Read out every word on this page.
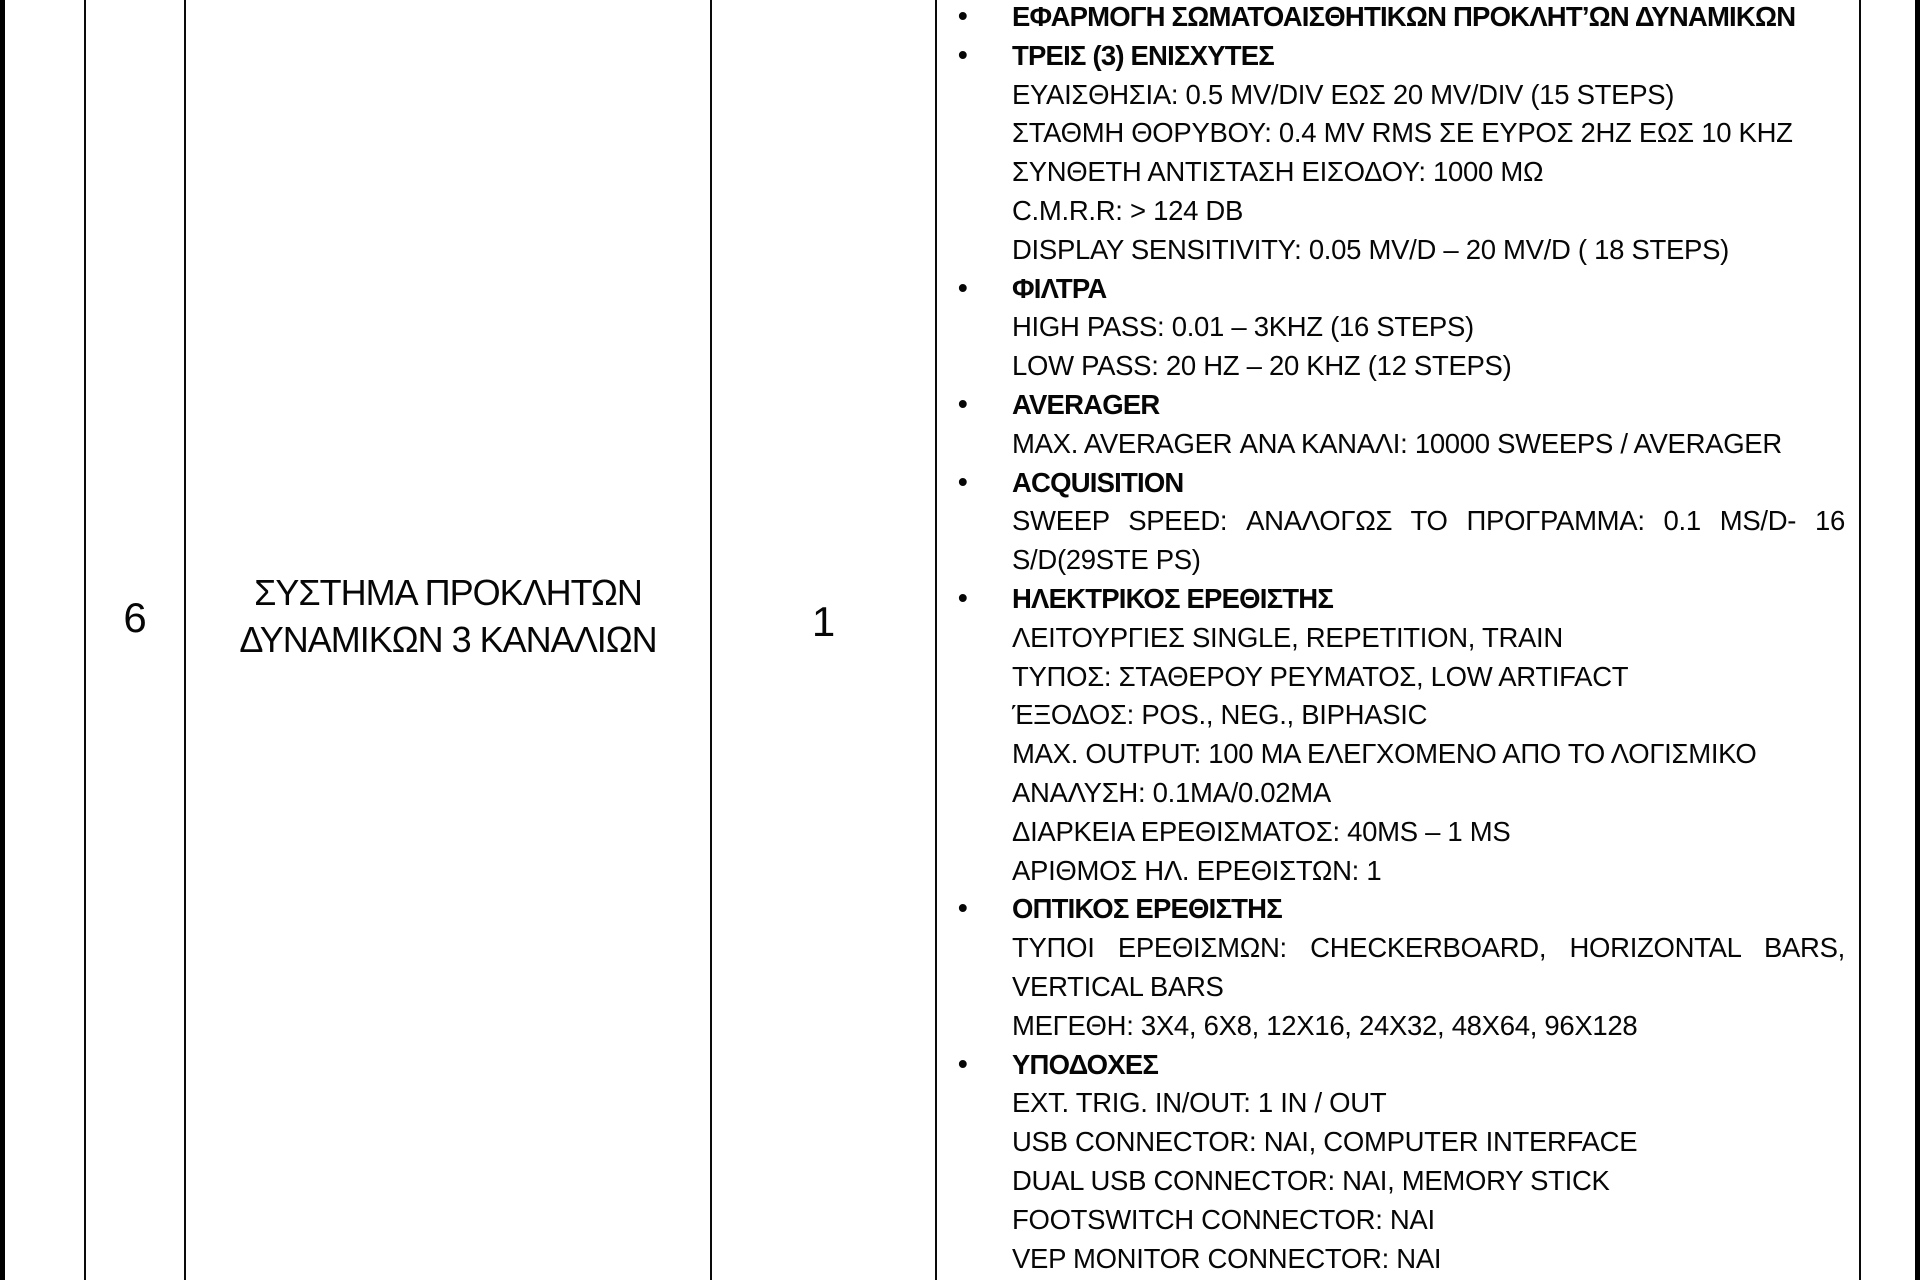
6
ΣΥΣΤΗΜΑ ΠΡΟΚΛΗΤΩΝ
ΔΥΝΑΜΙΚΩΝ 3 ΚΑΝΑΛΙΩΝ	1
• ΕΦΑΡΜΟΓΗ ΣΩΜΑΤΟΑΙΣΘΗΤΙΚΩΝ ΠΡΟΚΛΗΤ’ΩΝ ΔΥΝΑΜΙΚΩΝ
• ΤΡΕΙΣ (3) ΕΝΙΣΧΥΤΕΣ
ΕΥΑΙΣΘΗΣΙΑ: 0.5 MV/DIV ΕΩΣ 20 MV/DIV (15 STEPS)
ΣΤΑΘΜΗ ΘΟΡΥΒΟΥ: 0.4 MV RMS ΣΕ ΕΥΡΟΣ 2HZ ΕΩΣ 10 KHZ
ΣΥΝΘΕΤΗ ΑΝΤΙΣΤΑΣΗ ΕΙΣΟΔΟΥ: 1000 ΜΩ
C.M.R.R: > 124 DB
DISPLAY SENSITIVITY: 0.05 MV/D – 20 MV/D ( 18 STEPS)
• ΦΙΛΤΡΑ
HIGH PASS: 0.01 – 3KHZ (16 STEPS)
LOW PASS: 20 HZ – 20 KHZ (12 STEPS)
• AVERAGER
MAX. AVERAGER ΑΝΑ ΚΑΝΑΛΙ: 10000 SWEEPS / AVERAGER
• ACQUISITION
SWEEP SPEED: ΑΝΑΛΟΓΩΣ ΤΟ ΠΡΟΓΡΑΜΜΑ: 0.1 MS/D- 16
S/D(29STE PS)
• ΗΛΕΚΤΡΙΚΟΣ ΕΡΕΘΙΣΤΗΣ
ΛΕΙΤΟΥΡΓΙΕΣ SINGLE, REPETITION, TRAIN
ΤΥΠΟΣ: ΣΤΑΘΕΡΟΥ ΡΕΥΜΑΤΟΣ, LOW ARTIFACT
ΈΞΟΔΟΣ: POS., NEG., BIPHASIC
MAX. OUTPUT: 100 MA ΕΛΕΓΧΟΜΕΝΟ ΑΠΟ ΤΟ ΛΟΓΙΣΜΙΚΟ
ΑΝΑΛΥΣΗ: 0.1ΜΑ/0.02ΜΑ
ΔΙΑΡΚΕΙΑ ΕΡΕΘΙΣΜΑΤΟΣ: 40MS – 1 MS
ΑΡΙΘΜΟΣ ΗΛ. ΕΡΕΘΙΣΤΩΝ: 1
• ΟΠΤΙΚΟΣ ΕΡΕΘΙΣΤΗΣ
ΤΥΠΟΙ ΕΡΕΘΙΣΜΩΝ: CHECKERBOARD, HORIZONTAL BARS,
VERTICAL BARS
ΜΕΓΕΘΗ: 3Χ4, 6Χ8, 12Χ16, 24Χ32, 48Χ64, 96Χ128
• ΥΠΟΔΟΧΕΣ
EXT. TRIG. IN/OUT: 1 IN / OUT
USB CONNECTOR: ΝΑΙ, COMPUTER INTERFACE
DUAL USB CONNECTOR: ΝΑΙ, MEMORY STICK
FOOTSWITCH CONNECTOR: ΝΑΙ
VEP MONITOR CONNECTOR: ΝΑΙ
